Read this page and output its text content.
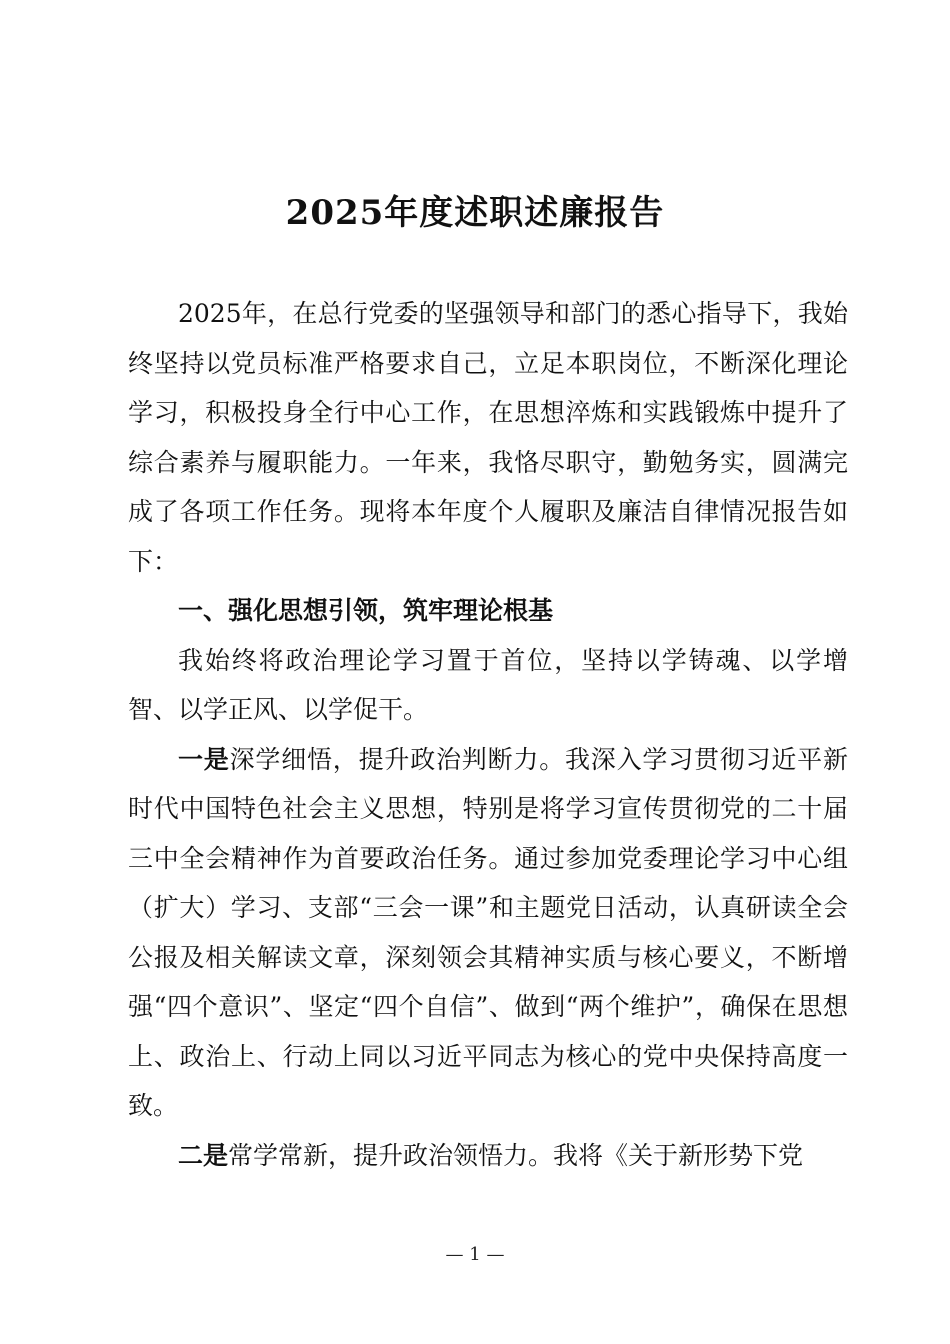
2025年度述职述廉报告

2025年，在总行党委的坚强领导和部门的悉心指导下，我始终坚持以党员标准严格要求自己，立足本职岗位，不断深化理论学习，积极投身全行中心工作，在思想淬炼和实践锻炼中提升了综合素养与履职能力。一年来，我恪尽职守，勤勉务实，圆满完成了各项工作任务。现将本年度个人履职及廉洁自律情况报告如下：

一、强化思想引领，筑牢理论根基

我始终将政治理论学习置于首位，坚持以学铸魂、以学增智、以学正风、以学促干。

一是深学细悟，提升政治判断力。我深入学习贯彻习近平新时代中国特色社会主义思想，特别是将学习宣传贯彻党的二十届三中全会精神作为首要政治任务。通过参加党委理论学习中心组（扩大）学习、支部“三会一课”和主题党日活动，认真研读全会公报及相关解读文章，深刻领会其精神实质与核心要义，不断增强“四个意识”、坚定“四个自信”、做到“两个维护”，确保在思想上、政治上、行动上同以习近平同志为核心的党中央保持高度一致。

二是常学常新，提升政治领悟力。我将《关于新形势下党

— 1 —
